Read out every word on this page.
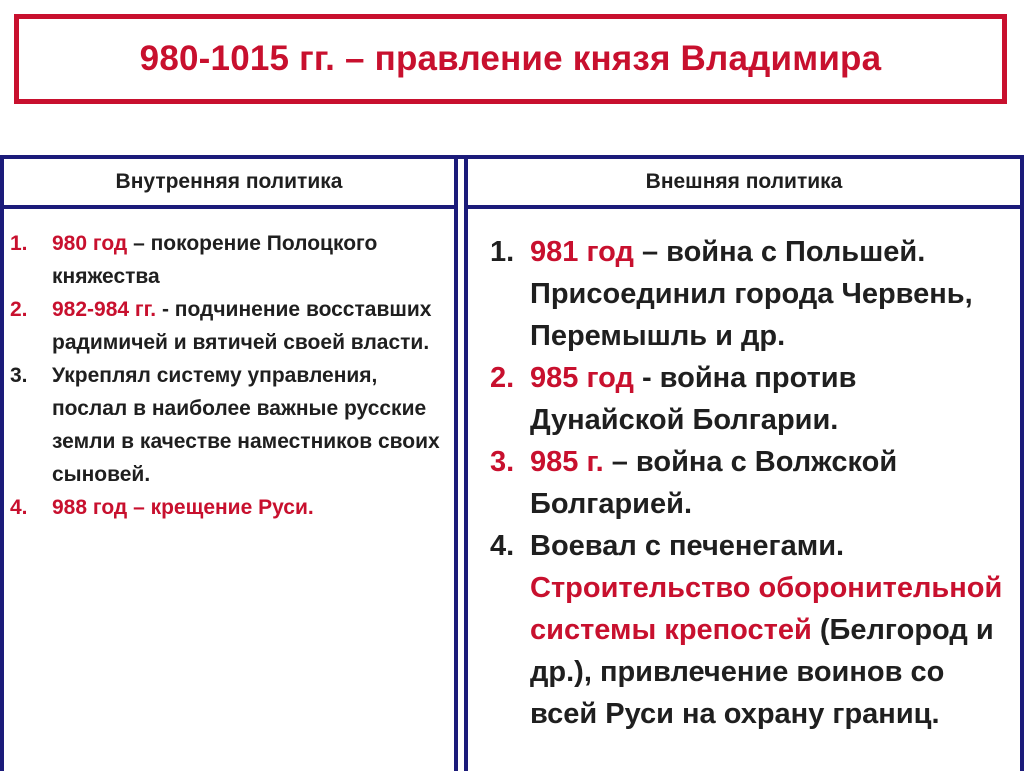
980-1015 гг. – правление князя Владимира
Внутренняя политика
1.	980 год – покорение Полоцкого княжества
2.	982-984 гг. - подчинение восставших радимичей и вятичей своей власти.
3.	Укреплял систему управления, послал в наиболее важные русские земли в качестве наместников своих сыновей.
4.	988 год – крещение Руси.
Внешняя политика
1. 981 год – война с Польшей. Присоединил города Червень, Перемышль и др.
2. 985 год - война против Дунайской Болгарии.
3. 985 г. – война с Волжской Болгарией.
4. Воевал с печенегами. Строительство оборонительной системы крепостей (Белгород и др.), привлечение воинов со всей Руси на охрану границ.
